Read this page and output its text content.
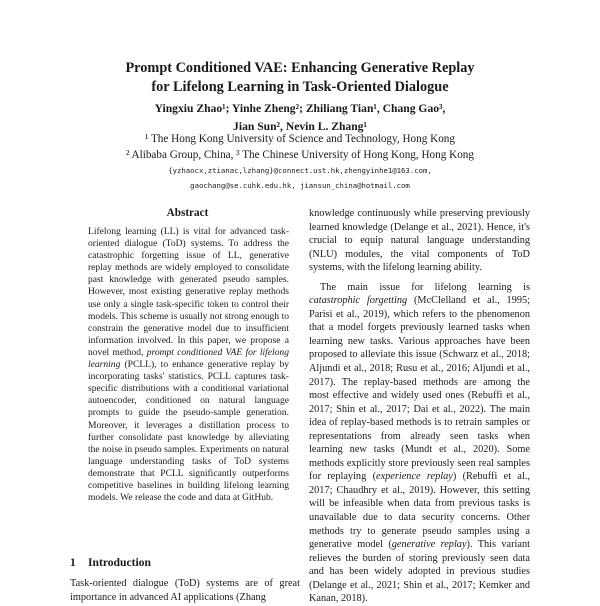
Prompt Conditioned VAE: Enhancing Generative Replay
for Lifelong Learning in Task-Oriented Dialogue
Yingxiu Zhao¹; Yinhe Zheng²; Zhiliang Tian¹, Chang Gao³,
Jian Sun², Nevin L. Zhang¹
¹ The Hong Kong University of Science and Technology, Hong Kong
² Alibaba Group, China, ³ The Chinese University of Hong Kong, Hong Kong
{yzhaocx,ztianac,lzhang}@connect.ust.hk,zhengyinhe1@163.com,
gaochang@se.cuhk.edu.hk, jiansun_china@hotmail.com
Abstract

Lifelong learning (LL) is vital for advanced task-oriented dialogue (ToD) systems. To address the catastrophic forgetting issue of LL, generative replay methods are widely employed to consolidate past knowledge with generated pseudo samples. However, most existing generative replay methods use only a single task-specific token to control their models. This scheme is usually not strong enough to constrain the generative model due to insufficient information involved. In this paper, we propose a novel method, prompt conditioned VAE for lifelong learning (PCLL), to enhance generative replay by incorporating tasks' statistics. PCLL captures task-specific distributions with a conditional variational autoencoder, conditioned on natural language prompts to guide the pseudo-sample generation. Moreover, it leverages a distillation process to further consolidate past knowledge by alleviating the noise in pseudo samples. Experiments on natural language understanding tasks of ToD systems demonstrate that PCLL significantly outperforms competitive baselines in building lifelong learning models. We release the code and data at GitHub.

1 Introduction

Task-oriented dialogue (ToD) systems are of great importance in advanced AI applications (Zhang

knowledge continuously while preserving previously learned knowledge (Delange et al., 2021). Hence, it's crucial to equip natural language understanding (NLU) modules, the vital components of ToD systems, with the lifelong learning ability.

The main issue for lifelong learning is catastrophic forgetting (McClelland et al., 1995; Parisi et al., 2019), which refers to the phenomenon that a model forgets previously learned tasks when learning new tasks. Various approaches have been proposed to alleviate this issue (Schwarz et al., 2018; Aljundi et al., 2018; Rusu et al., 2016; Aljundi et al., 2017). The replay-based methods are among the most effective and widely used ones (Rebuffi et al., 2017; Shin et al., 2017; Dai et al., 2022). The main idea of replay-based methods is to retrain samples or representations from already seen tasks when learning new tasks (Mundt et al., 2020). Some methods explicitly store previously seen real samples for replaying (experience replay) (Rebuffi et al., 2017; Chaudhry et al., 2019). However, this setting will be infeasible when data from previous tasks is unavailable due to data security concerns. Other methods try to generate pseudo samples using a generative model (generative replay). This variant relieves the burden of storing previously seen data and has been widely adopted in previous studies (Delange et al., 2021; Shin et al., 2017; Kemker and Kanan, 2018).
